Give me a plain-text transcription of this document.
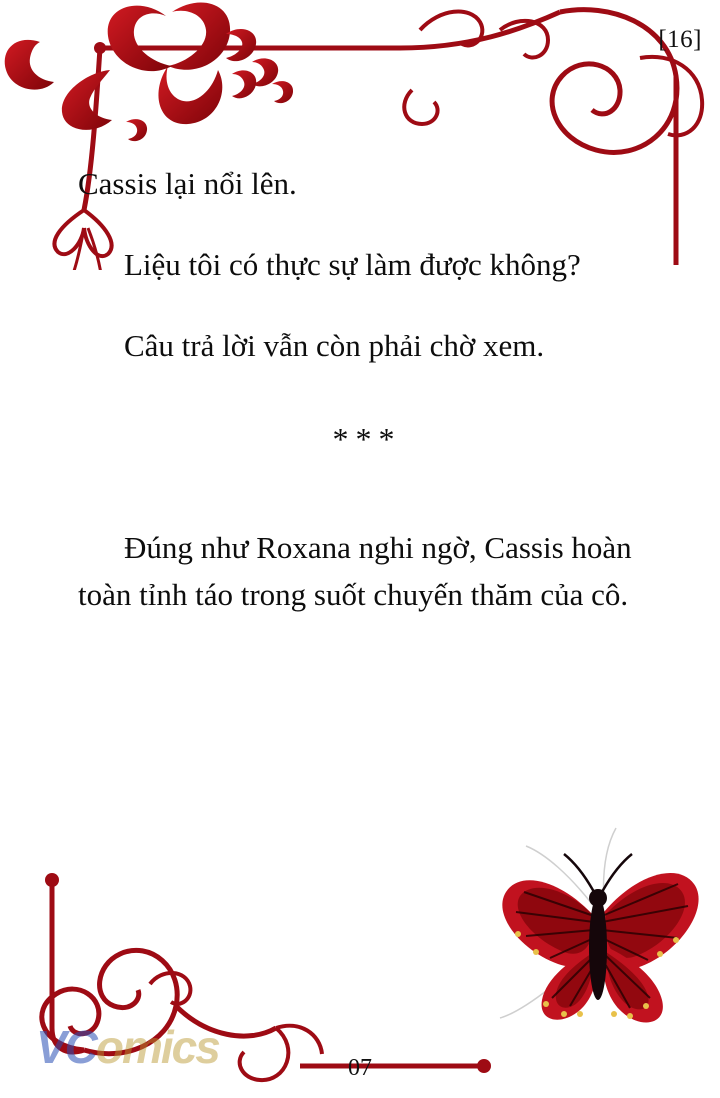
[16]

Cassis lại nổi lên.

Liệu tôi có thực sự làm được không?

Câu trả lời vẫn còn phải chờ xem.

***

Đúng như Roxana nghi ngờ, Cassis hoàn toàn tỉnh táo trong suốt chuyến thăm của cô.

VComics	07
